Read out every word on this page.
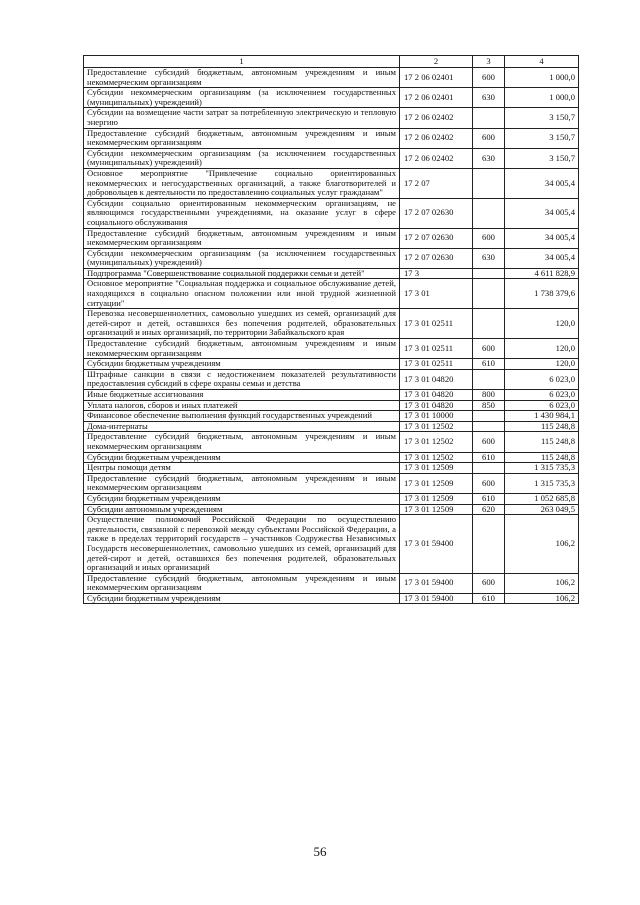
1	2	3	4
Предоставление субсидий бюджетным, автономным учреждениям и иным некоммерческим организациям	17 2 06 02401	600	1 000,0
Субсидии некоммерческим организациям (за исключением государственных (муниципальных) учреждений)	17 2 06 02401	630	1 000,0
Субсидии на возмещение части затрат за потребленную электрическую и тепловую энергию	17 2 06 02402		3 150,7
Предоставление субсидий бюджетным, автономным учреждениям и иным некоммерческим организациям	17 2 06 02402	600	3 150,7
Субсидии некоммерческим организациям (за исключением государственных (муниципальных) учреждений)	17 2 06 02402	630	3 150,7
Основное мероприятие "Привлечение социально ориентированных некоммерческих и негосударственных организаций, а также благотворителей и добровольцев к деятельности по предоставлению социальных услуг гражданам"	17 2 07		34 005,4
Субсидии социально ориентированным некоммерческим организациям, не являющимся государственными учреждениями, на оказание услуг в сфере социального обслуживания	17 2 07 02630		34 005,4
Предоставление субсидий бюджетным, автономным учреждениям и иным некоммерческим организациям	17 2 07 02630	600	34 005,4
Субсидии некоммерческим организациям (за исключением государственных (муниципальных) учреждений)	17 2 07 02630	630	34 005,4
Подпрограмма "Совершенствование социальной поддержки семьи и детей"	17 3		4 611 828,9
Основное мероприятие "Социальная поддержка и социальное обслуживание детей, находящихся в социально опасном положении или иной трудной жизненной ситуации"	17 3 01		1 738 379,6
Перевозка несовершеннолетних, самовольно ушедших из семей, организаций для детей-сирот и детей, оставшихся без попечения родителей, образовательных организаций и иных организаций, по территории Забайкальского края	17 3 01 02511		120,0
Предоставление субсидий бюджетным, автономным учреждениям и иным некоммерческим организациям	17 3 01 02511	600	120,0
Субсидии бюджетным учреждениям	17 3 01 02511	610	120,0
Штрафные санкции в связи с недостижением показателей результативности предоставления субсидий в сфере охраны семьи и детства	17 3 01 04820		6 023,0
Иные бюджетные ассигнования	17 3 01 04820	800	6 023,0
Уплата налогов, сборов и иных платежей	17 3 01 04820	850	6 023,0
Финансовое обеспечение выполнения функций государственных учреждений	17 3 01 10000		1 430 984,1
Дома-интернаты	17 3 01 12502		115 248,8
Предоставление субсидий бюджетным, автономным учреждениям и иным некоммерческим организациям	17 3 01 12502	600	115 248,8
Субсидии бюджетным учреждениям	17 3 01 12502	610	115 248,8
Центры помощи детям	17 3 01 12509		1 315 735,3
Предоставление субсидий бюджетным, автономным учреждениям и иным некоммерческим организациям	17 3 01 12509	600	1 315 735,3
Субсидии бюджетным учреждениям	17 3 01 12509	610	1 052 685,8
Субсидии автономным учреждениям	17 3 01 12509	620	263 049,5
Осуществление полномочий Российской Федерации по осуществлению деятельности, связанной с перевозкой между субъектами Российской Федерации, а также в пределах территорий государств – участников Содружества Независимых Государств несовершеннолетних, самовольно ушедших из семей, организаций для детей-сирот и детей, оставшихся без попечения родителей, образовательных организаций и иных организаций	17 3 01 59400		106,2
Предоставление субсидий бюджетным, автономным учреждениям и иным некоммерческим организациям	17 3 01 59400	600	106,2
Субсидии бюджетным учреждениям	17 3 01 59400	610	106,2
56
